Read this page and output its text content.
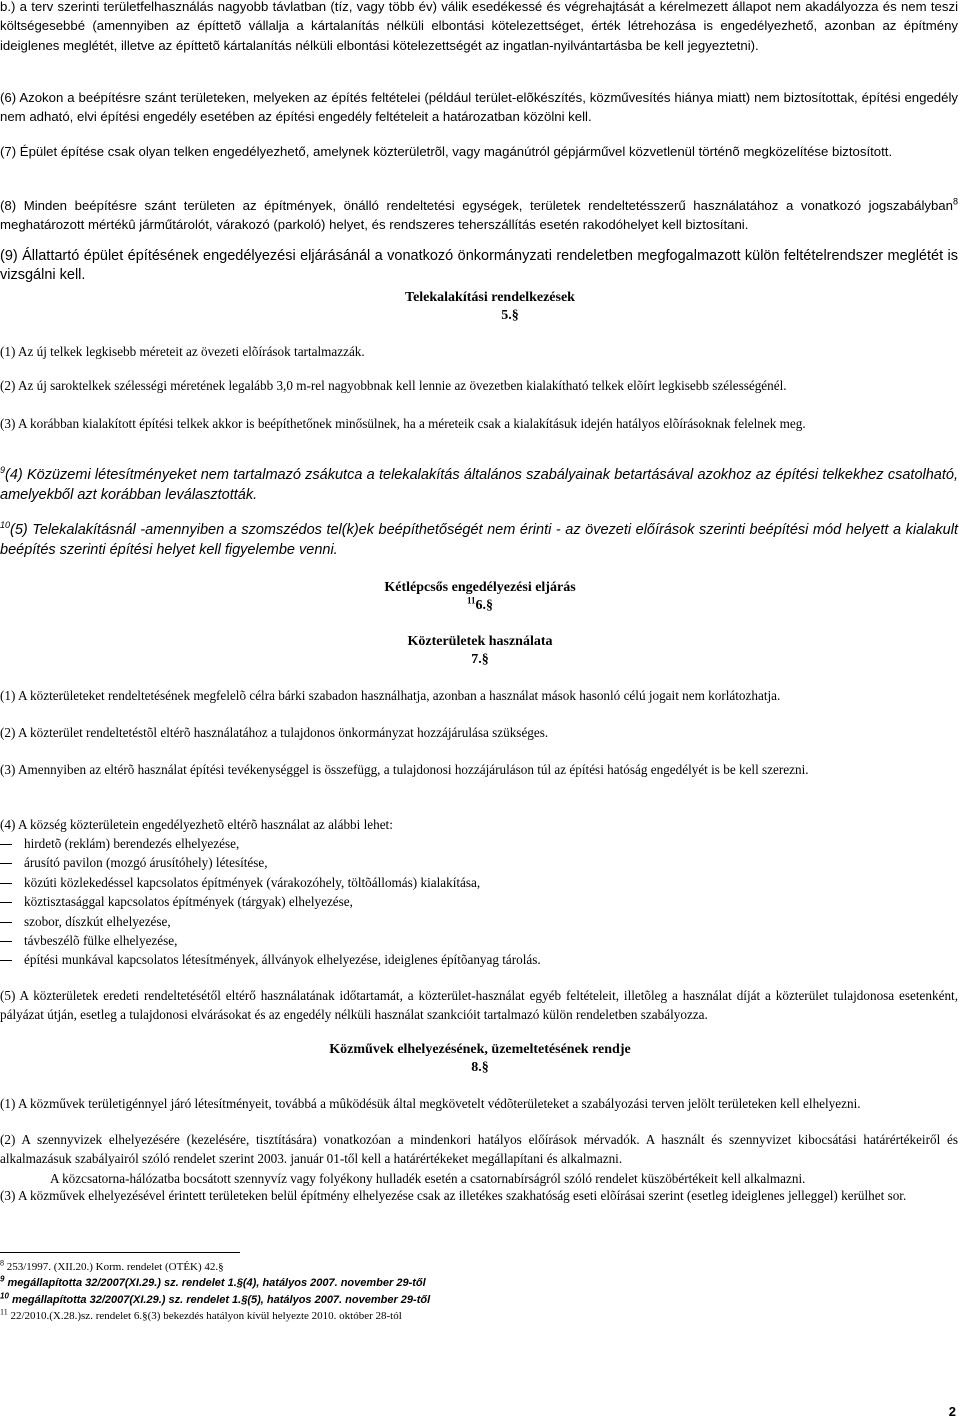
b.) a terv szerinti területfelhasználás nagyobb távlatban (tíz, vagy több év) válik esedékessé és végrehajtását a kérelmezett állapot nem akadályozza és nem teszi költségesebbé (amennyiben az építtetõ vállalja a kártalanítás nélküli elbontási kötelezettséget, érték létrehozása is engedélyezhető, azonban az építmény ideiglenes meglétét, illetve az építtetõ kártalanítás nélküli elbontási kötelezettségét az ingatlan-nyilvántartásba be kell jegyeztetni).

(6) Azokon a beépítésre szánt területeken, melyeken az építés feltételei (például terület-elõkészítés, közművesítés hiánya miatt) nem biztosítottak, építési engedély nem adható, elvi építési engedély esetében az építési engedély feltételeit a határozatban közölni kell.

(7) Épület építése csak olyan telken engedélyezhető, amelynek közterületrõl, vagy magánútról gépjárművel közvetlenül történõ megközelítése biztosított.

(8) Minden beépítésre szánt területen az építmények, önálló rendeltetési egységek, területek rendeltetésszerű használatához a vonatkozó jogszabályban$^8$ meghatározott mértékû járműtárolót, várakozó (parkoló) helyet, és rendszeres teherszállítás esetén rakodóhelyet kell biztosítani.

(9) Állattartó épület építésének engedélyezési eljárásánál a vonatkozó önkormányzati rendeletben megfogalmazott külön feltételrendszer meglétét is vizsgálni kell.

Telekalakítási rendelkezések
5.§

(1) Az új telkek legkisebb méreteit az övezeti elõírások tartalmazzák.

(2) Az új saroktelkek szélességi méretének legalább 3,0 m-rel nagyobbnak kell lennie az övezetben kialakítható telkek elõírt legkisebb szélességénél.

(3) A korábban kialakított építési telkek akkor is beépíthetőnek minősülnek, ha a méreteik csak a kialakításuk idején hatályos elõírásoknak felelnek meg.

$^9$(4) Közüzemi létesítményeket nem tartalmazó zsákutca a telekalakítás általános szabályainak betartásával azokhoz az építési telkekhez csatolható, amelyekből azt korábban leválasztották.

$^{10}$(5) Telekalakításnál -amennyiben a szomszédos tel(k)ek beépíthetőségét nem érinti - az övezeti előírások szerinti beépítési mód helyett a kialakult beépítés szerinti építési helyet kell figyelembe venni.

Kétlépcsős engedélyezési eljárás
$^{11}$6.§
Közterületek használata
7.§

(1) A közterületeket rendeltetésének megfelelõ célra bárki szabadon használhatja, azonban a használat mások hasonló célú jogait nem korlátozhatja.

(2) A közterület rendeltetéstõl eltérõ használatához a tulajdonos önkormányzat hozzájárulása szükséges.

(3) Amennyiben az eltérõ használat építési tevékenységgel is összefügg, a tulajdonosi hozzájáruláson túl az építési hatóság engedélyét is be kell szerezni.

(4) A község közterületein engedélyezhetõ eltérõ használat az alábbi lehet:

hirdetõ (reklám) berendezés elhelyezése,
árusító pavilon (mozgó árusítóhely) létesítése,
közúti közlekedéssel kapcsolatos építmények (várakozóhely, töltõállomás) kialakítása,
köztisztasággal kapcsolatos építmények (tárgyak) elhelyezése,
szobor, díszkút elhelyezése,
távbeszélõ fülke elhelyezése,
építési munkával kapcsolatos létesítmények, állványok elhelyezése, ideiglenes építõanyag tárolás.

(5) A közterületek eredeti rendeltetésétől eltérő használatának időtartamát, a közterület-használat egyéb feltételeit, illetõleg a használat díját a közterület tulajdonosa esetenként, pályázat útján, esetleg a tulajdonosi elvárásokat és az engedély nélküli használat szankcióit tartalmazó külön rendeletben szabályozza.

Közművek elhelyezésének, üzemeltetésének rendje
8.§

(1) A közművek területigénnyel járó létesítményeit, továbbá a mûködésük által megkövetelt védõterületeket a szabályozási terven jelölt területeken kell elhelyezni.

(2) A szennyvizek elhelyezésére (kezelésére, tisztítására) vonatkozóan a mindenkori hatályos előírások mérvadók. A használt és szennyvizet kibocsátási határértékeiről és alkalmazásuk szabályairól szóló rendelet szerint 2003. január 01-től kell a határértékeket megállapítani és alkalmazni.

A közcsatorna-hálózatba bocsátott szennyvíz vagy folyékony hulladék esetén a csatornabírságról szóló rendelet küszöbértékeit kell alkalmazni.

(3) A közművek elhelyezésével érintett területeken belül építmény elhelyezése csak az illetékes szakhatóság eseti elõírásai szerint (esetleg ideiglenes jelleggel) kerülhet sor.

$^8$ 253/1997. (XII.20.) Korm. rendelet (OTÉK) 42.§
$^9$ megállapította 32/2007(XI.29.) sz. rendelet 1.§(4), hatályos 2007. november 29-től
$^{10}$ megállapította 32/2007(XI.29.) sz. rendelet 1.§(5), hatályos 2007. november 29-től
$^{11}$ 22/2010.(X.28.)sz. rendelet 6.§(3) bekezdés hatályon kívül helyezte 2010. október 28-tól
2
